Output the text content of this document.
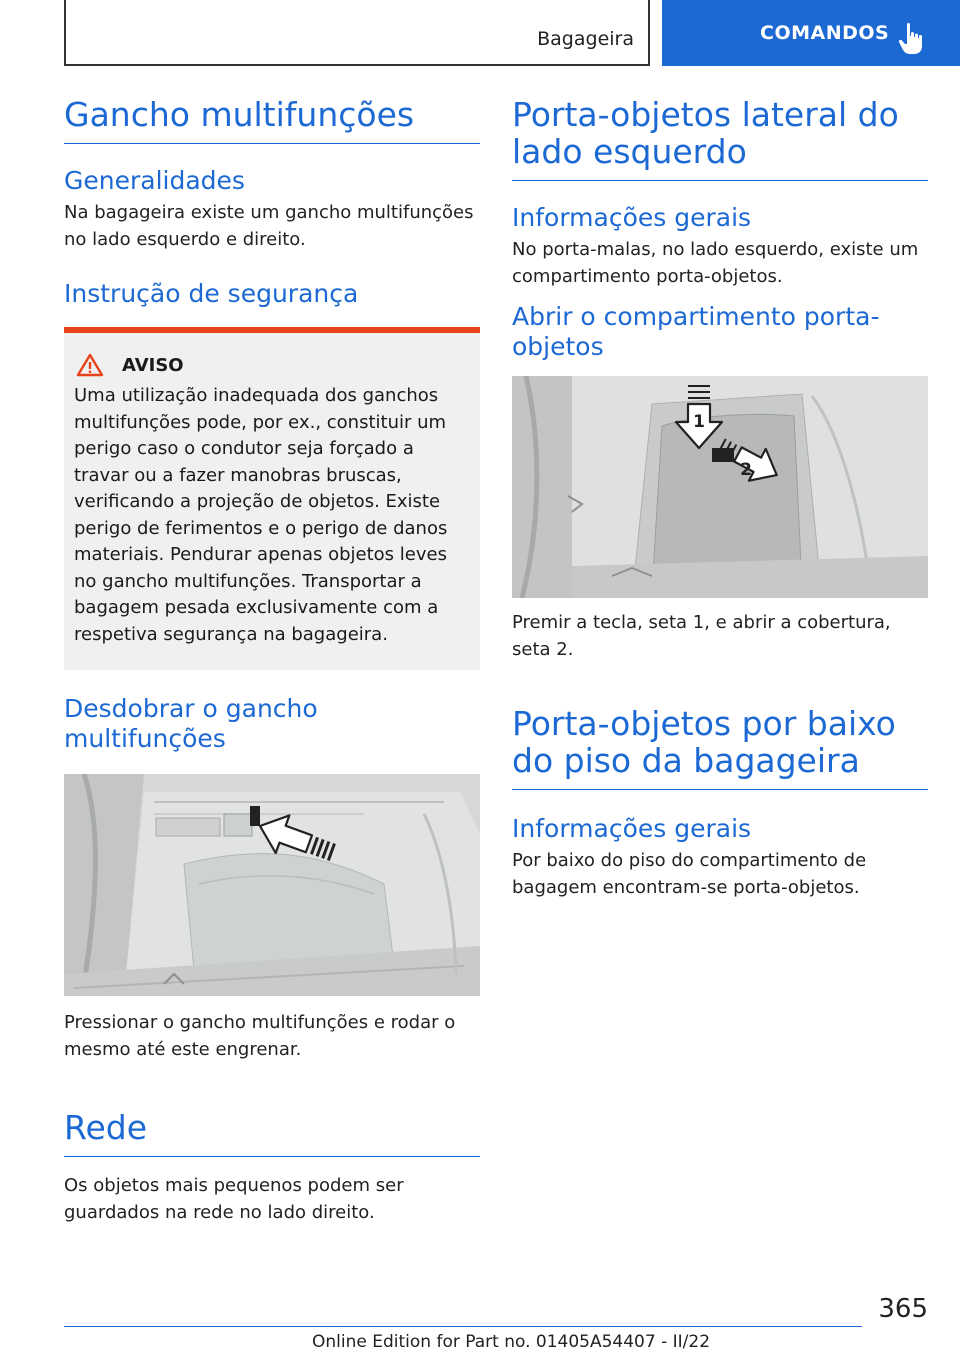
Bagageira	COMANDOS
Gancho multifunções
Generalidades

Na bagageira existe um gancho multifunções no lado esquerdo e direito.

Instrução de segurança
AVISO

Uma utilização inadequada dos ganchos multifunções pode, por ex., constituir um perigo caso o condutor seja forçado a travar ou a fazer manobras bruscas, verificando a projeção de objetos. Existe perigo de ferimentos e o perigo de danos materiais. Pendurar apenas objetos leves no gancho multifunções. Transportar a bagagem pesada exclusivamente com a respetiva segurança na bagageira.

Desdobrar o gancho multifunções

Pressionar o gancho multifunções e rodar o mesmo até este engrenar.

Rede

Os objetos mais pequenos podem ser guardados na rede no lado direito.

Porta-objetos lateral do lado esquerdo
Informações gerais

No porta-malas, no lado esquerdo, existe um compartimento porta-objetos.

Abrir o compartimento porta-objetos
1
2

Premir a tecla, seta 1, e abrir a cobertura, seta 2.

Porta-objetos por baixo do piso da bagageira
Informações gerais

Por baixo do piso do compartimento de bagagem encontram-se porta-objetos.

365
Online Edition for Part no. 01405A54407 - II/22
